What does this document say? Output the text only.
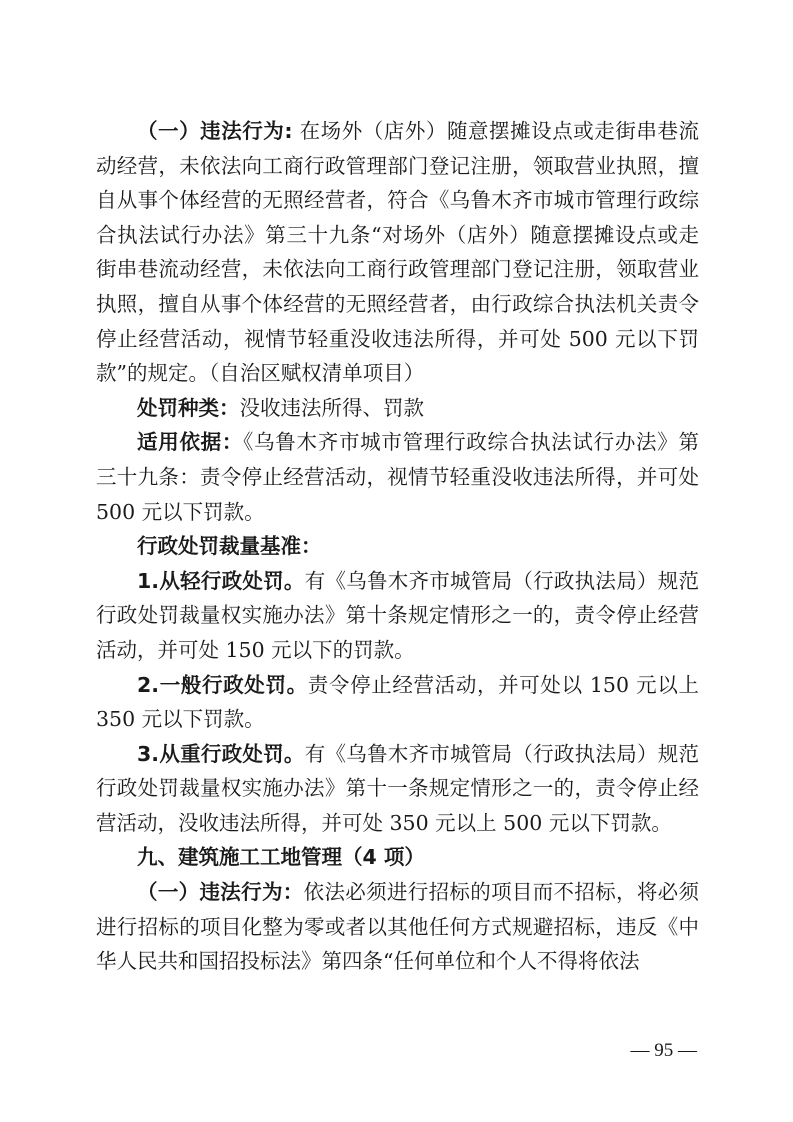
（一）违法行为: 在场外（店外）随意摆摊设点或走街串巷流动经营，未依法向工商行政管理部门登记注册，领取营业执照，擅自从事个体经营的无照经营者，符合《乌鲁木齐市城市管理行政综合执法试行办法》第三十九条“对场外（店外）随意摆摊设点或走街串巷流动经营，未依法向工商行政管理部门登记注册，领取营业执照，擅自从事个体经营的无照经营者，由行政综合执法机关责令停止经营活动，视情节轻重没收违法所得，并可处 500 元以下罚款”的规定。（自治区赋权清单项目）

处罚种类：没收违法所得、罚款

适用依据：《乌鲁木齐市城市管理行政综合执法试行办法》第三十九条：责令停止经营活动，视情节轻重没收违法所得，并可处 500 元以下罚款。

行政处罚裁量基准：

1.从轻行政处罚。有《乌鲁木齐市城管局（行政执法局）规范行政处罚裁量权实施办法》第十条规定情形之一的，责令停止经营活动，并可处 150 元以下的罚款。

2.一般行政处罚。责令停止经营活动，并可处以 150 元以上 350 元以下罚款。

3.从重行政处罚。有《乌鲁木齐市城管局（行政执法局）规范行政处罚裁量权实施办法》第十一条规定情形之一的，责令停止经营活动，没收违法所得，并可处 350 元以上 500 元以下罚款。

九、建筑施工工地管理（4 项）

（一）违法行为：依法必须进行招标的项目而不招标，将必须进行招标的项目化整为零或者以其他任何方式规避招标，违反《中华人民共和国招投标法》第四条“任何单位和个人不得将依法

— 95 —
